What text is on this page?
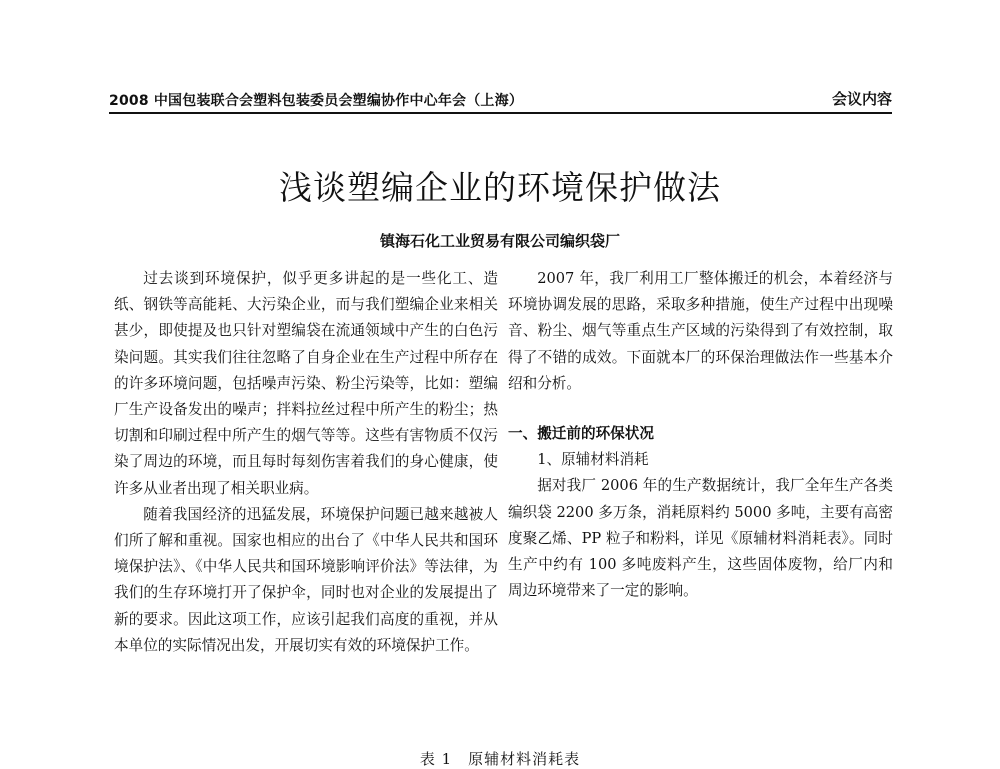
2008 中国包装联合会塑料包装委员会塑编协作中心年会（上海）	会议内容
浅谈塑编企业的环境保护做法
镇海石化工业贸易有限公司编织袋厂

过去谈到环境保护，似乎更多讲起的是一些化工、造纸、钢铁等高能耗、大污染企业，而与我们塑编企业来相关甚少，即使提及也只针对塑编袋在流通领域中产生的白色污染问题。其实我们往往忽略了自身企业在生产过程中所存在的许多环境问题，包括噪声污染、粉尘污染等，比如：塑编厂生产设备发出的噪声；拌料拉丝过程中所产生的粉尘；热切割和印刷过程中所产生的烟气等等。这些有害物质不仅污染了周边的环境，而且每时每刻伤害着我们的身心健康，使许多从业者出现了相关职业病。

随着我国经济的迅猛发展，环境保护问题已越来越被人们所了解和重视。国家也相应的出台了《中华人民共和国环境保护法》、《中华人民共和国环境影响评价法》等法律，为我们的生存环境打开了保护伞，同时也对企业的发展提出了新的要求。因此这项工作，应该引起我们高度的重视，并从本单位的实际情况出发，开展切实有效的环境保护工作。

2007 年，我厂利用工厂整体搬迁的机会，本着经济与环境协调发展的思路，采取多种措施，使生产过程中出现噪音、粉尘、烟气等重点生产区域的污染得到了有效控制，取得了不错的成效。下面就本厂的环保治理做法作一些基本介绍和分析。

一、搬迁前的环保状况

1、原辅材料消耗

据对我厂 2006 年的生产数据统计，我厂全年生产各类编织袋 2200 多万条，消耗原料约 5000 多吨，主要有高密度聚乙烯、PP 粒子和粉料，详见《原辅材料消耗表》。同时生产中约有 100 多吨废料产生，这些固体废物，给厂内和周边环境带来了一定的影响。

表 1　原辅材料消耗表
